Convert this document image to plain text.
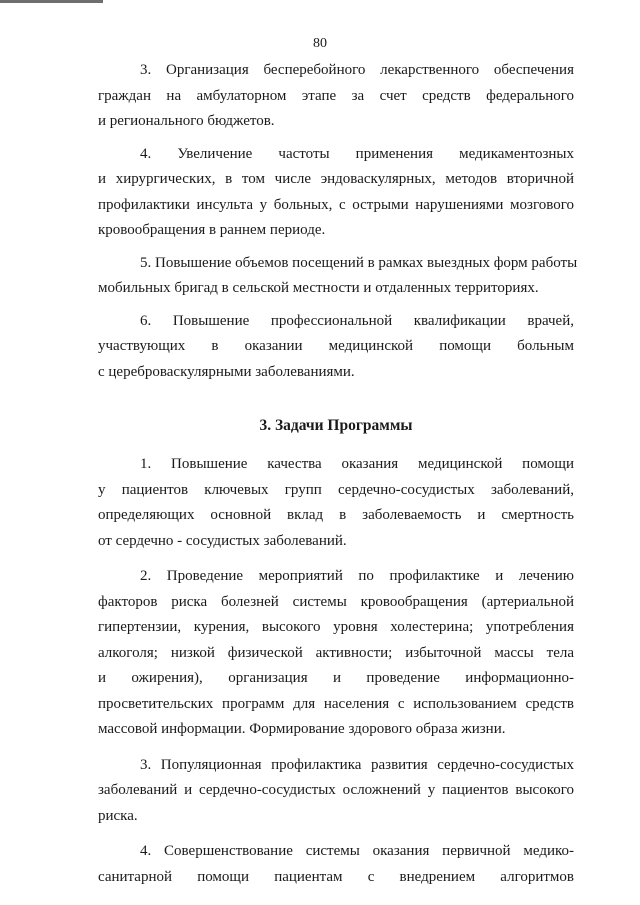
80

3. Организация бесперебойного лекарственного обеспечения
граждан на амбулаторном этапе за счет средств федерального
и регионального бюджетов.

4. Увеличение частоты применения медикаментозных
и хирургических, в том числе эндоваскулярных, методов вторичной
профилактики инсульта у больных, с острыми нарушениями мозгового
кровообращения в раннем периоде.

5. Повышение объемов посещений в рамках выездных форм работы
мобильных бригад в сельской местности и отдаленных территориях.

6. Повышение профессиональной квалификации врачей,
участвующих в оказании медицинской помощи больным
с цереброваскулярными заболеваниями.

3. Задачи Программы

1. Повышение качества оказания медицинской помощи
у пациентов ключевых групп сердечно-сосудистых заболеваний,
определяющих основной вклад в заболеваемость и смертность
от сердечно - сосудистых заболеваний.

2. Проведение мероприятий по профилактике и лечению
факторов риска болезней системы кровообращения (артериальной
гипертензии, курения, высокого уровня холестерина; употребления
алкоголя; низкой физической активности; избыточной массы тела
и ожирения), организация и проведение информационно-
просветительских программ для населения с использованием средств
массовой информации. Формирование здорового образа жизни.

3. Популяционная профилактика развития сердечно-сосудистых
заболеваний и сердечно-сосудистых осложнений у пациентов высокого
риска.

4. Совершенствование системы оказания первичной медико-
санитарной помощи пациентам с внедрением алгоритмов
